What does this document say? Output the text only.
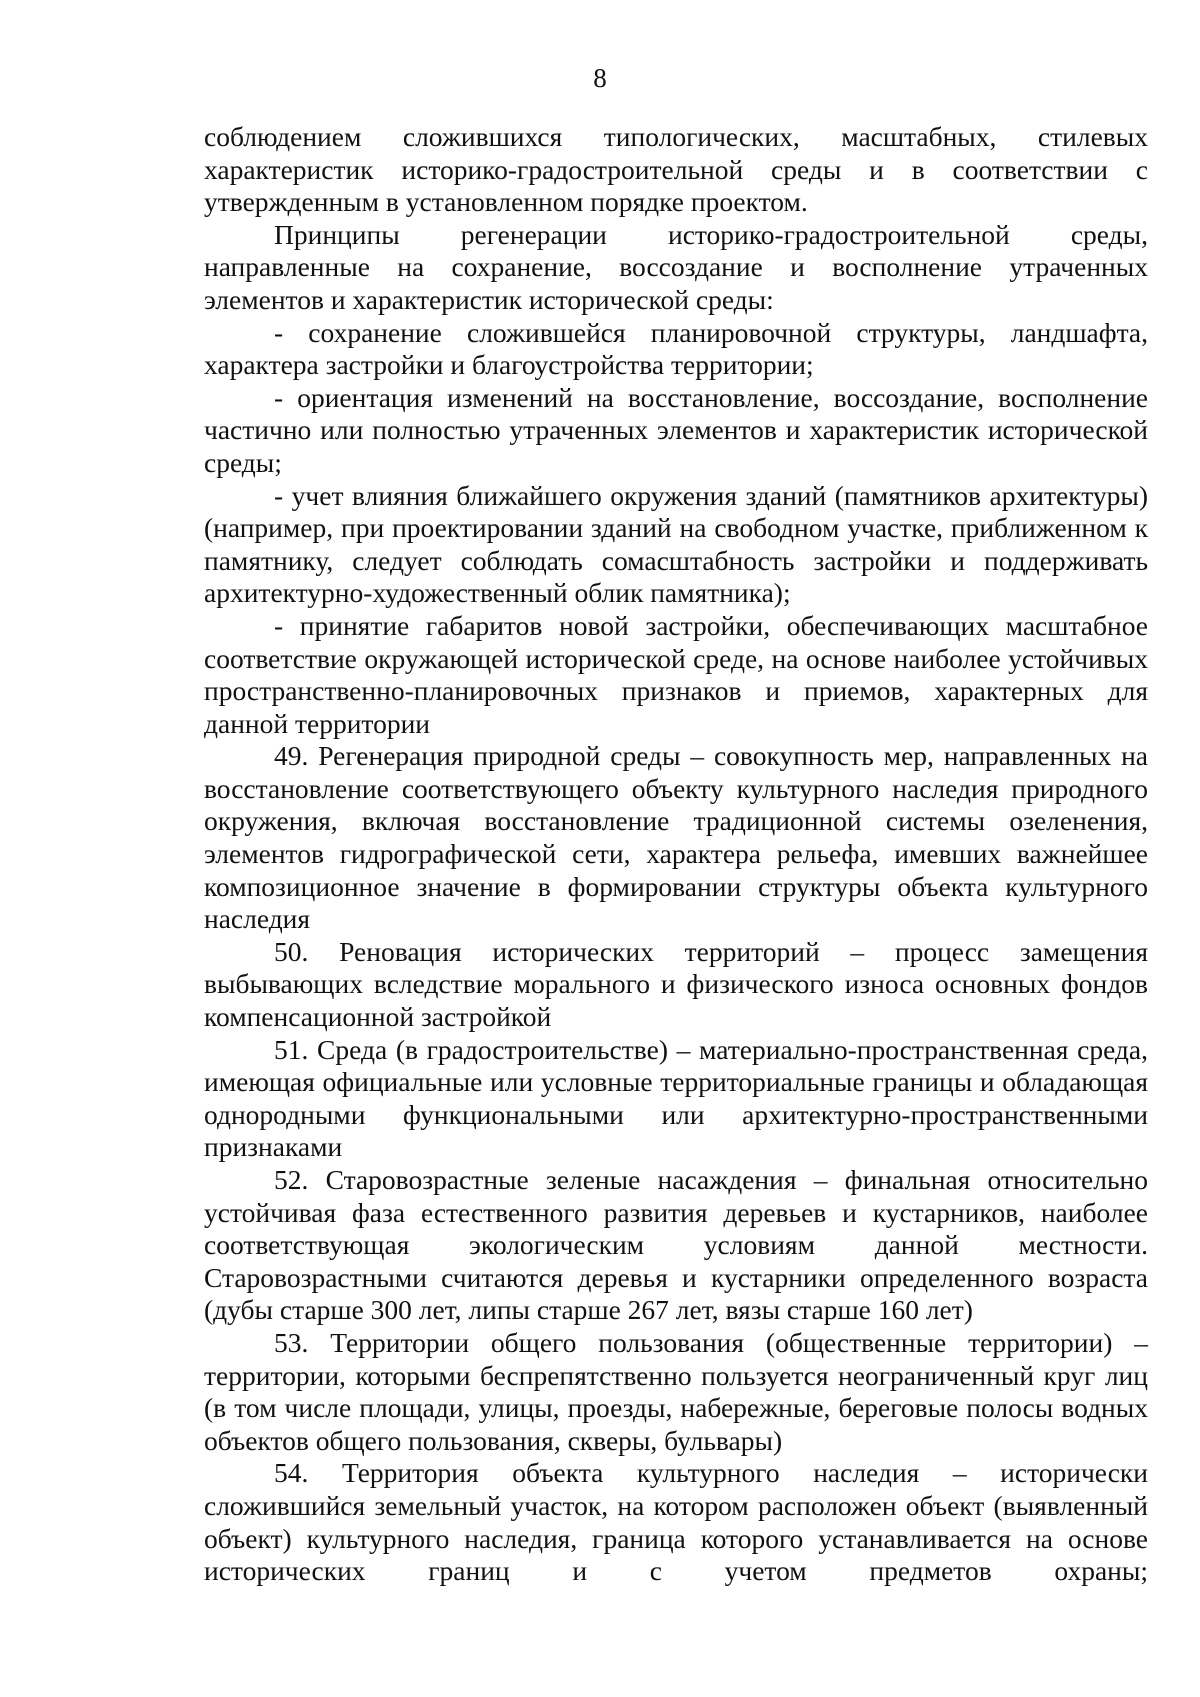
8

соблюдением сложившихся типологических, масштабных, стилевых характеристик историко-градостроительной среды и в соответствии с утвержденным в установленном порядке проектом.

Принципы регенерации историко-градостроительной среды, направленные на сохранение, воссоздание и восполнение утраченных элементов и характеристик исторической среды:

- сохранение сложившейся планировочной структуры, ландшафта, характера застройки и благоустройства территории;

- ориентация изменений на восстановление, воссоздание, восполнение частично или полностью утраченных элементов и характеристик исторической среды;

- учет влияния ближайшего окружения зданий (памятников архитектуры) (например, при проектировании зданий на свободном участке, приближенном к памятнику, следует соблюдать сомасштабность застройки и поддерживать архитектурно-художественный облик памятника);

- принятие габаритов новой застройки, обеспечивающих масштабное соответствие окружающей исторической среде, на основе наиболее устойчивых пространственно-планировочных признаков и приемов, характерных для данной территории

49. Регенерация природной среды – совокупность мер, направленных на восстановление соответствующего объекту культурного наследия природного окружения, включая восстановление традиционной системы озеленения, элементов гидрографической сети, характера рельефа, имевших важнейшее композиционное значение в формировании структуры объекта культурного наследия

50. Реновация исторических территорий – процесс замещения выбывающих вследствие морального и физического износа основных фондов компенсационной застройкой

51. Среда (в градостроительстве) – материально-пространственная среда, имеющая официальные или условные территориальные границы и обладающая однородными функциональными или архитектурно-пространственными признаками

52. Старовозрастные зеленые насаждения – финальная относительно устойчивая фаза естественного развития деревьев и кустарников, наиболее соответствующая экологическим условиям данной местности. Старовозрастными считаются деревья и кустарники определенного возраста (дубы старше 300 лет, липы старше 267 лет, вязы старше 160 лет)

53. Территории общего пользования (общественные территории) – территории, которыми беспрепятственно пользуется неограниченный круг лиц (в том числе площади, улицы, проезды, набережные, береговые полосы водных объектов общего пользования, скверы, бульвары)

54. Территория объекта культурного наследия – исторически сложившийся земельный участок, на котором расположен объект (выявленный объект) культурного наследия, граница которого устанавливается на основе исторических границ и с учетом предметов охраны;
